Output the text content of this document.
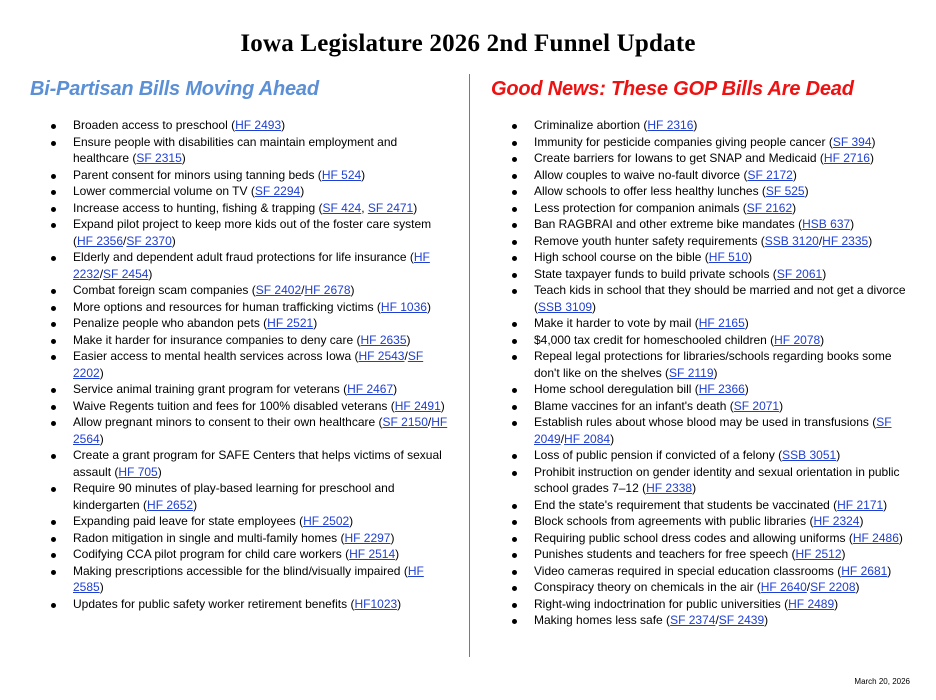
Iowa Legislature 2026 2nd Funnel Update
Bi-Partisan Bills Moving Ahead
Broaden access to preschool (HF 2493)
Ensure people with disabilities can maintain employment and healthcare (SF 2315)
Parent consent for minors using tanning beds (HF 524)
Lower commercial volume on TV (SF 2294)
Increase access to hunting, fishing & trapping (SF 424, SF 2471)
Expand pilot project to keep more kids out of the foster care system (HF 2356/SF 2370)
Elderly and dependent adult fraud protections for life insurance (HF 2232/SF 2454)
Combat foreign scam companies (SF 2402/HF 2678)
More options and resources for human trafficking victims (HF 1036)
Penalize people who abandon pets (HF 2521)
Make it harder for insurance companies to deny care (HF 2635)
Easier access to mental health services across Iowa (HF 2543/SF 2202)
Service animal training grant program for veterans (HF 2467)
Waive Regents tuition and fees for 100% disabled veterans (HF 2491)
Allow pregnant minors to consent to their own healthcare (SF 2150/HF 2564)
Create a grant program for SAFE Centers that helps victims of sexual assault (HF 705)
Require 90 minutes of play-based learning for preschool and kindergarten (HF 2652)
Expanding paid leave for state employees (HF 2502)
Radon mitigation in single and multi-family homes (HF 2297)
Codifying CCA pilot program for child care workers (HF 2514)
Making prescriptions accessible for the blind/visually impaired (HF 2585)
Updates for public safety worker retirement benefits (HF1023)
Good News: These GOP Bills Are Dead
Criminalize abortion (HF 2316)
Immunity for pesticide companies giving people cancer (SF 394)
Create barriers for Iowans to get SNAP and Medicaid (HF 2716)
Allow couples to waive no-fault divorce (SF 2172)
Allow schools to offer less healthy lunches (SF 525)
Less protection for companion animals (SF 2162)
Ban RAGBRAI and other extreme bike mandates (HSB 637)
Remove youth hunter safety requirements (SSB 3120/HF 2335)
High school course on the bible (HF 510)
State taxpayer funds to build private schools (SF 2061)
Teach kids in school that they should be married and not get a divorce (SSB 3109)
Make it harder to vote by mail (HF 2165)
$4,000 tax credit for homeschooled children (HF 2078)
Repeal legal protections for libraries/schools regarding books some don't like on the shelves (SF 2119)
Home school deregulation bill (HF 2366)
Blame vaccines for an infant's death (SF 2071)
Establish rules about whose blood may be used in transfusions (SF 2049/HF 2084)
Loss of public pension if convicted of a felony (SSB 3051)
Prohibit instruction on gender identity and sexual orientation in public school grades 7–12 (HF 2338)
End the state's requirement that students be vaccinated (HF 2171)
Block schools from agreements with public libraries (HF 2324)
Requiring public school dress codes and allowing uniforms (HF 2486)
Punishes students and teachers for free speech (HF 2512)
Video cameras required in special education classrooms (HF 2681)
Conspiracy theory on chemicals in the air (HF 2640/SF 2208)
Right-wing indoctrination for public universities (HF 2489)
Making homes less safe (SF 2374/SF 2439)
March 20, 2026
